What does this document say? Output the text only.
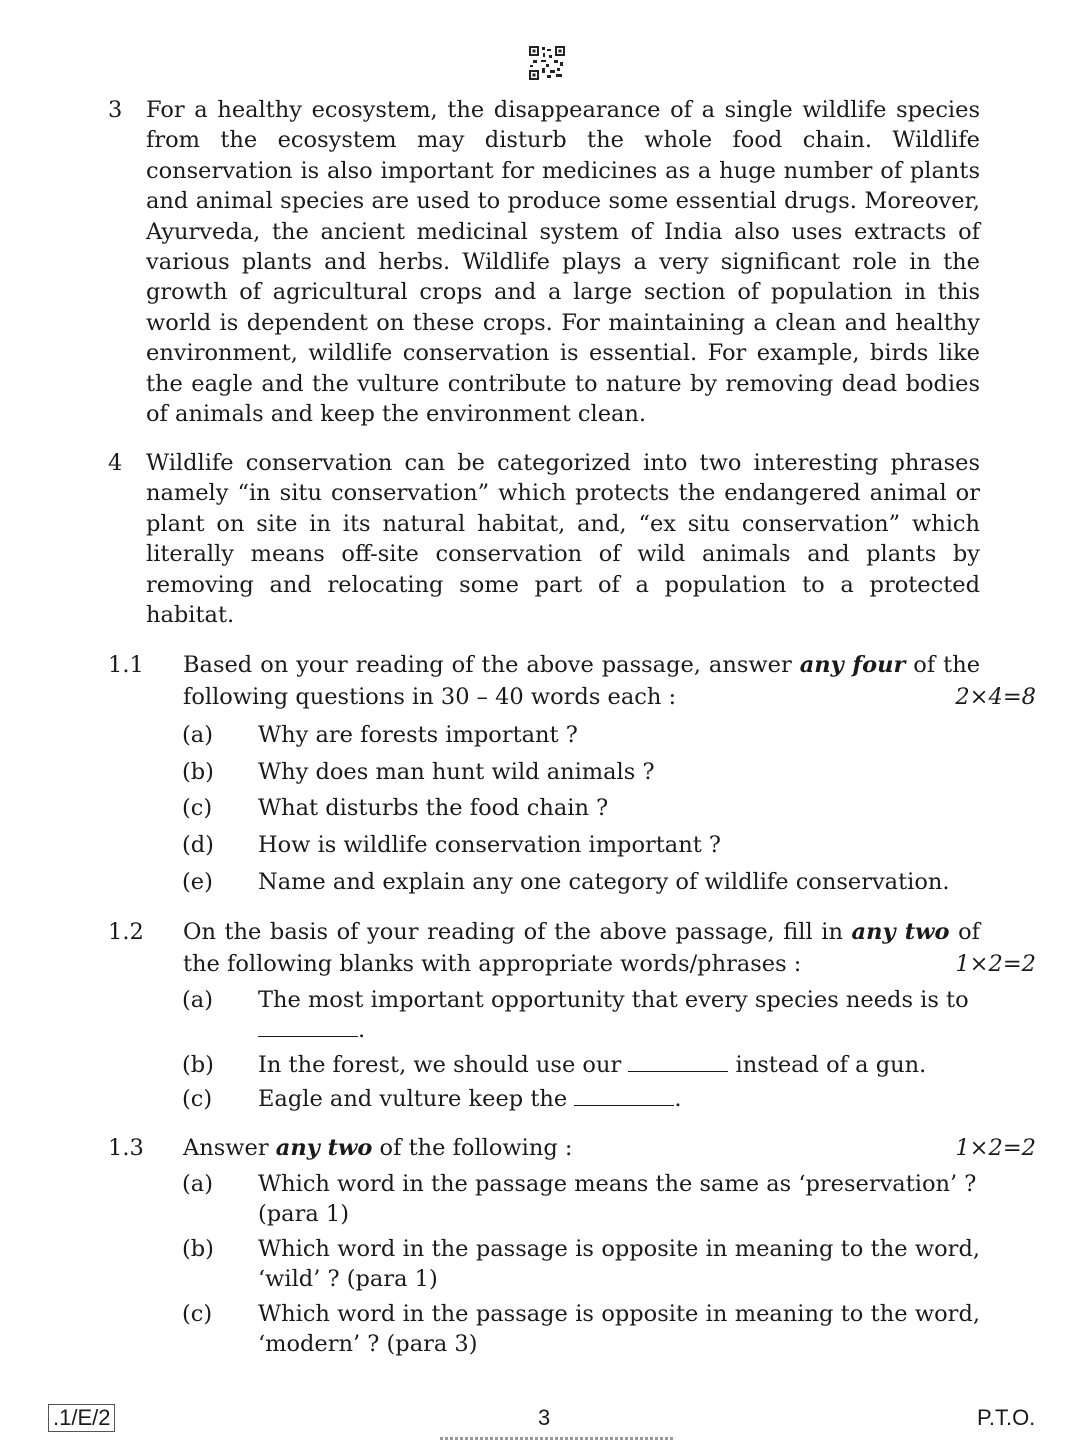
3 For a healthy ecosystem, the disappearance of a single wildlife species from the ecosystem may disturb the whole food chain. Wildlife conservation is also important for medicines as a huge number of plants and animal species are used to produce some essential drugs. Moreover, Ayurveda, the ancient medicinal system of India also uses extracts of various plants and herbs. Wildlife plays a very significant role in the growth of agricultural crops and a large section of population in this world is dependent on these crops. For maintaining a clean and healthy environment, wildlife conservation is essential. For example, birds like the eagle and the vulture contribute to nature by removing dead bodies of animals and keep the environment clean.
4 Wildlife conservation can be categorized into two interesting phrases namely “in situ conservation” which protects the endangered animal or plant on site in its natural habitat, and, “ex situ conservation” which literally means off-site conservation of wild animals and plants by removing and relocating some part of a population to a protected habitat.
1.1 Based on your reading of the above passage, answer any four of the following questions in 30 – 40 words each :	2×4=8
(a) Why are forests important ?
(b) Why does man hunt wild animals ?
(c) What disturbs the food chain ?
(d) How is wildlife conservation important ?
(e) Name and explain any one category of wildlife conservation.
1.2 On the basis of your reading of the above passage, fill in any two of the following blanks with appropriate words/phrases :	1×2=2
(a) The most important opportunity that every species needs is to
.
(b) In the forest, we should use our	instead of a gun.
(c) Eagle and vulture keep the	.
1.3 Answer any two of the following :	1×2=2
(a) Which word in the passage means the same as ‘preservation’ ?
(para 1)
(b) Which word in the passage is opposite in meaning to the word, ‘wild’ ? (para 1)
(c) Which word in the passage is opposite in meaning to the word, ‘modern’ ? (para 3)
.1/E/2	3	P.T.O.
